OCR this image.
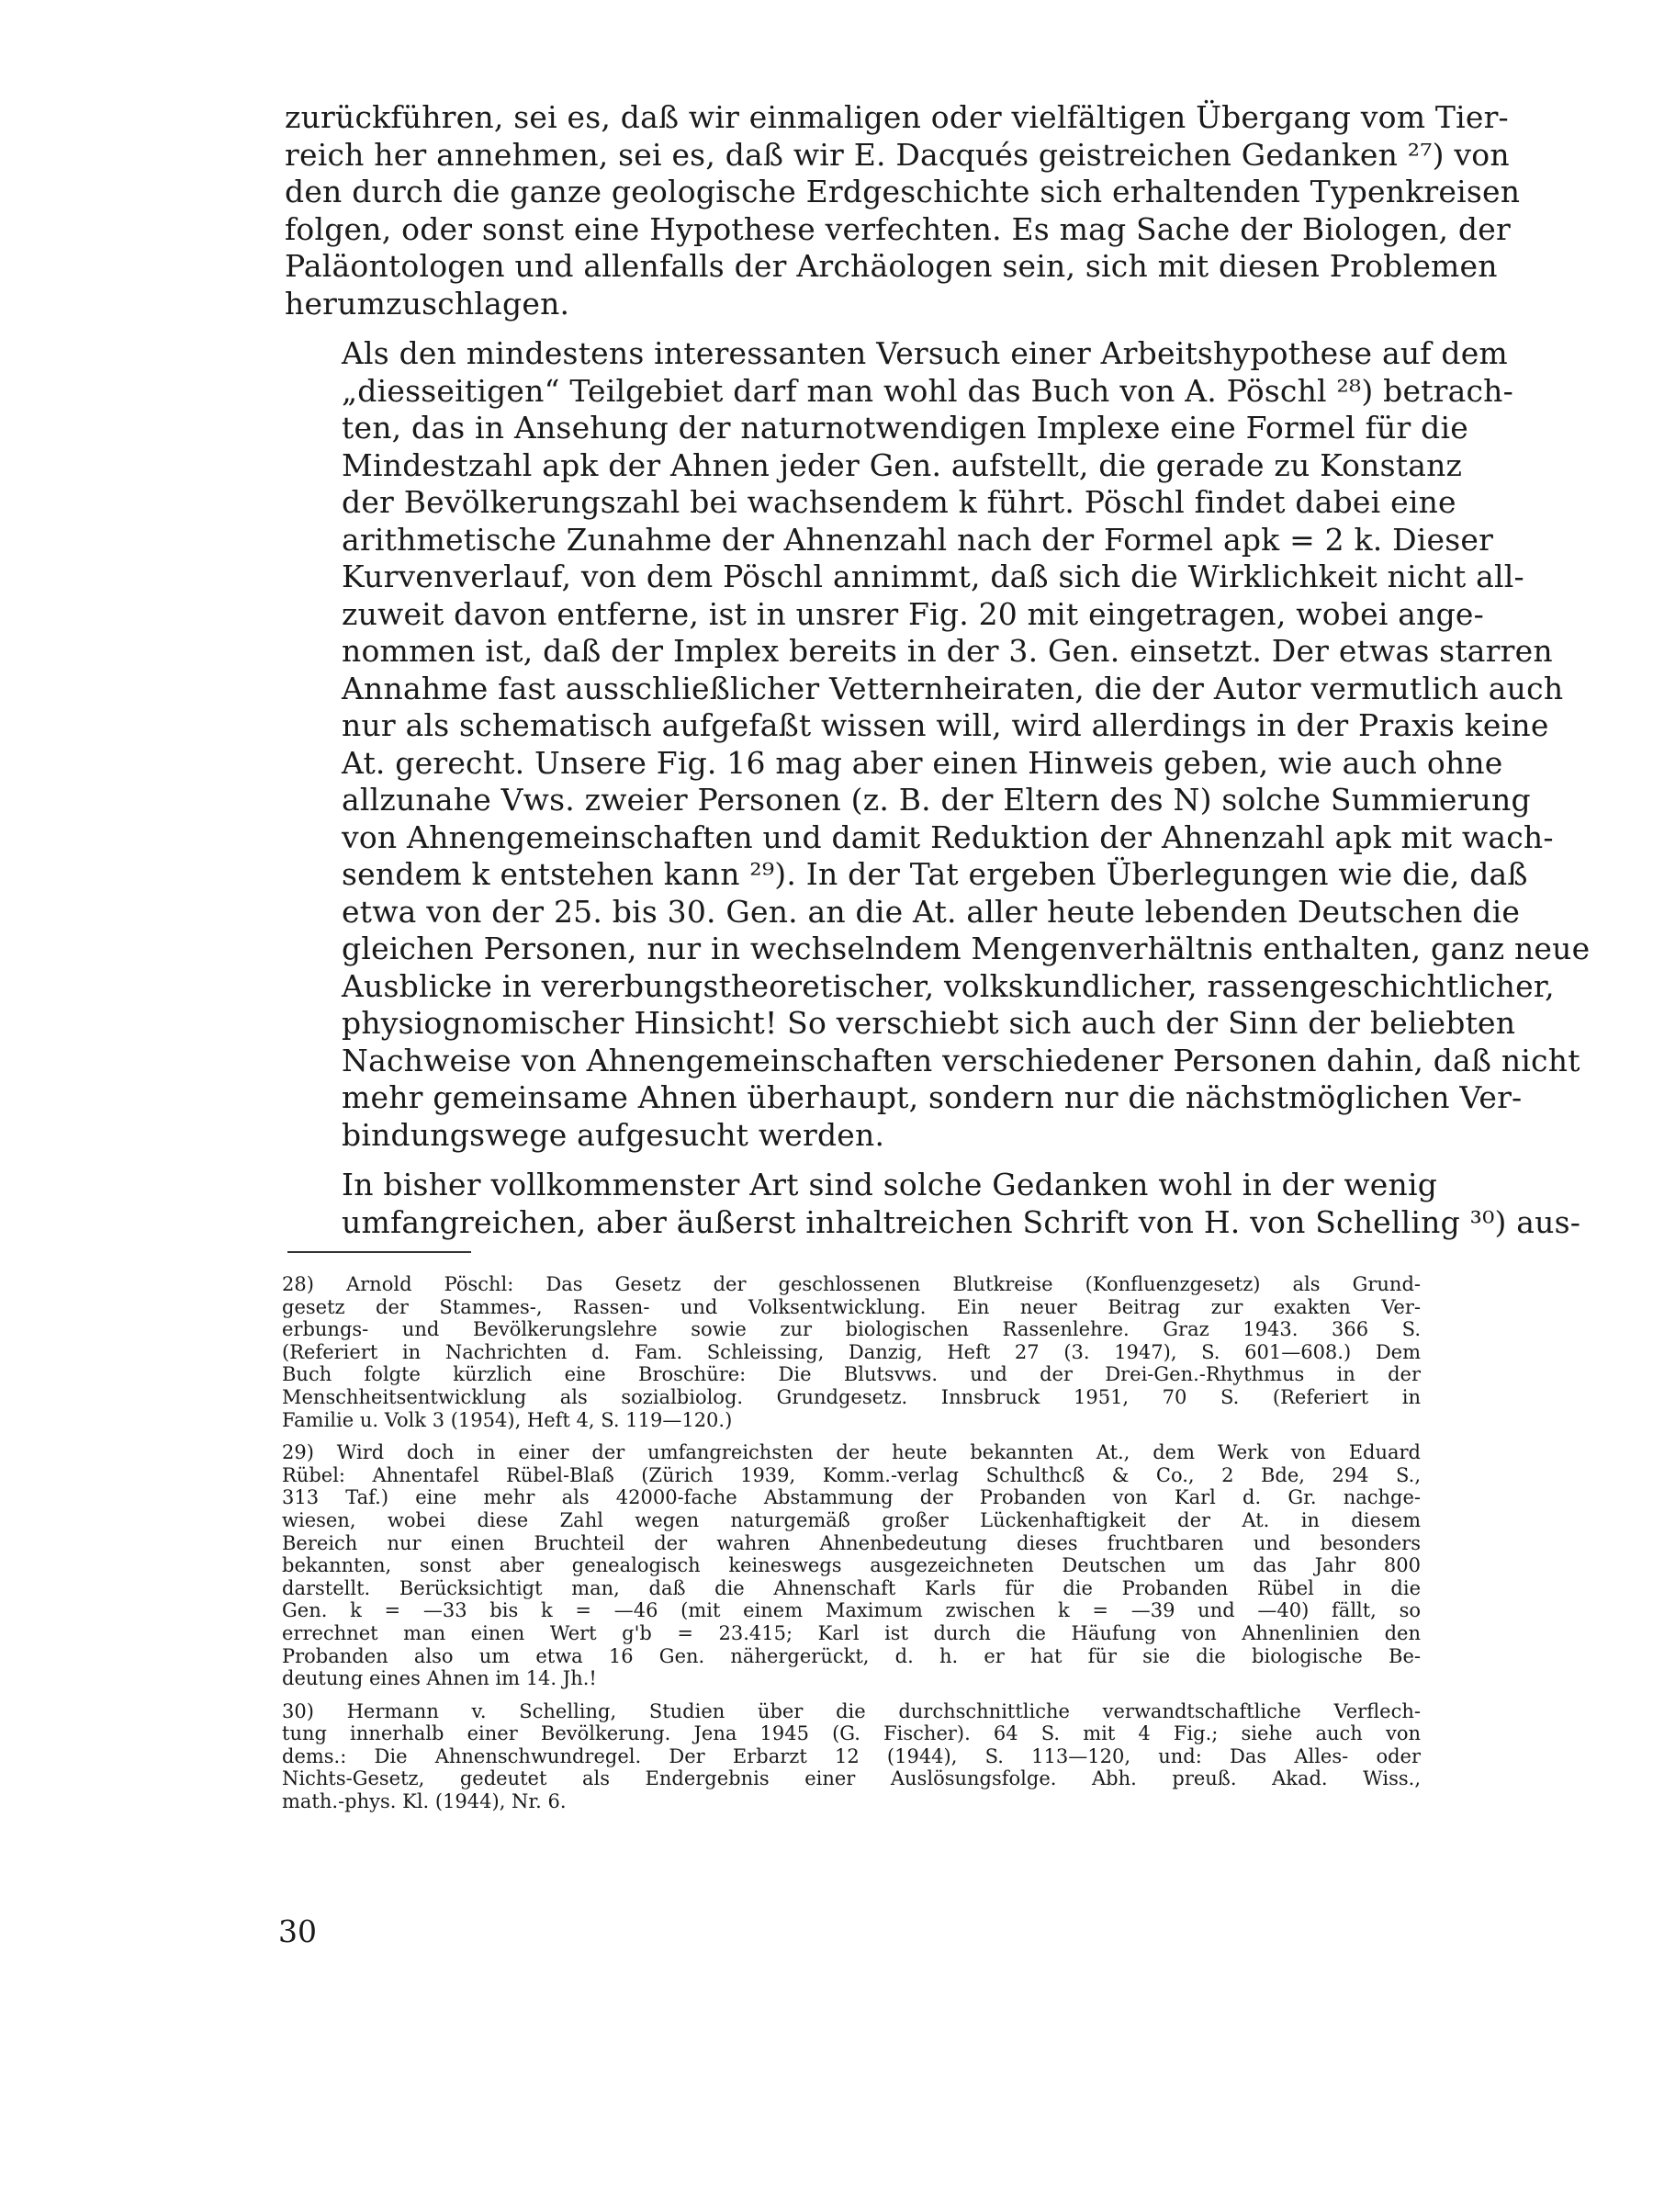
zurückführen, sei es, daß wir einmaligen oder vielfältigen Übergang vom Tier-
reich her annehmen, sei es, daß wir E. Dacqués geistreichen Gedanken ²⁷) von
den durch die ganze geologische Erdgeschichte sich erhaltenden Typenkreisen
folgen, oder sonst eine Hypothese verfechten. Es mag Sache der Biologen, der
Paläontologen und allenfalls der Archäologen sein, sich mit diesen Problemen
herumzuschlagen.

Als den mindestens interessanten Versuch einer Arbeitshypothese auf dem
„diesseitigen“ Teilgebiet darf man wohl das Buch von A. Pöschl ²⁸) betrach-
ten, das in Ansehung der naturnotwendigen Implexe eine Formel für die
Mindestzahl apk der Ahnen jeder Gen. aufstellt, die gerade zu Konstanz
der Bevölkerungszahl bei wachsendem k führt. Pöschl findet dabei eine
arithmetische Zunahme der Ahnenzahl nach der Formel apk = 2 k. Dieser
Kurvenverlauf, von dem Pöschl annimmt, daß sich die Wirklichkeit nicht all-
zuweit davon entferne, ist in unsrer Fig. 20 mit eingetragen, wobei ange-
nommen ist, daß der Implex bereits in der 3. Gen. einsetzt. Der etwas starren
Annahme fast ausschließlicher Vetternheiraten, die der Autor vermutlich auch
nur als schematisch aufgefaßt wissen will, wird allerdings in der Praxis keine
At. gerecht. Unsere Fig. 16 mag aber einen Hinweis geben, wie auch ohne
allzunahe Vws. zweier Personen (z. B. der Eltern des N) solche Summierung
von Ahnengemeinschaften und damit Reduktion der Ahnenzahl apk mit wach-
sendem k entstehen kann ²⁹). In der Tat ergeben Überlegungen wie die, daß
etwa von der 25. bis 30. Gen. an die At. aller heute lebenden Deutschen die
gleichen Personen, nur in wechselndem Mengenverhältnis enthalten, ganz neue
Ausblicke in vererbungstheoretischer, volkskundlicher, rassengeschichtlicher,
physiognomischer Hinsicht! So verschiebt sich auch der Sinn der beliebten
Nachweise von Ahnengemeinschaften verschiedener Personen dahin, daß nicht
mehr gemeinsame Ahnen überhaupt, sondern nur die nächstmöglichen Ver-
bindungswege aufgesucht werden.

In bisher vollkommenster Art sind solche Gedanken wohl in der wenig
umfangreichen, aber äußerst inhaltreichen Schrift von H. von Schelling ³⁰) aus-

28) Arnold Pöschl: Das Gesetz der geschlossenen Blutkreise (Konfluenzgesetz) als Grund-
gesetz der Stammes-, Rassen- und Volksentwicklung. Ein neuer Beitrag zur exakten Ver-
erbungs- und Bevölkerungslehre sowie zur biologischen Rassenlehre. Graz 1943. 366 S.
(Referiert in Nachrichten d. Fam. Schleissing, Danzig, Heft 27 (3. 1947), S. 601—608.) Dem
Buch folgte kürzlich eine Broschüre: Die Blutsvws. und der Drei-Gen.-Rhythmus in der
Menschheitsentwicklung als sozialbiolog. Grundgesetz. Innsbruck 1951, 70 S. (Referiert in
Familie u. Volk 3 (1954), Heft 4, S. 119—120.)

29) Wird doch in einer der umfangreichsten der heute bekannten At., dem Werk von Eduard
Rübel: Ahnentafel Rübel-Blaß (Zürich 1939, Komm.-verlag Schulthcß & Co., 2 Bde, 294 S.,
313 Taf.) eine mehr als 42000-fache Abstammung der Probanden von Karl d. Gr. nachge-
wiesen, wobei diese Zahl wegen naturgemäß großer Lückenhaftigkeit der At. in diesem
Bereich nur einen Bruchteil der wahren Ahnenbedeutung dieses fruchtbaren und besonders
bekannten, sonst aber genealogisch keineswegs ausgezeichneten Deutschen um das Jahr 800
darstellt. Berücksichtigt man, daß die Ahnenschaft Karls für die Probanden Rübel in die
Gen. k = —33 bis k = —46 (mit einem Maximum zwischen k = —39 und —40) fällt, so
errechnet man einen Wert g'b = 23.415; Karl ist durch die Häufung von Ahnenlinien den
Probanden also um etwa 16 Gen. nähergerückt, d. h. er hat für sie die biologische Be-
deutung eines Ahnen im 14. Jh.!

30) Hermann v. Schelling, Studien über die durchschnittliche verwandtschaftliche Verflech-
tung innerhalb einer Bevölkerung. Jena 1945 (G. Fischer). 64 S. mit 4 Fig.; siehe auch von
dems.: Die Ahnenschwundregel. Der Erbarzt 12 (1944), S. 113—120, und: Das Alles- oder
Nichts-Gesetz, gedeutet als Endergebnis einer Auslösungsfolge. Abh. preuß. Akad. Wiss.,
math.-phys. Kl. (1944), Nr. 6.

30
